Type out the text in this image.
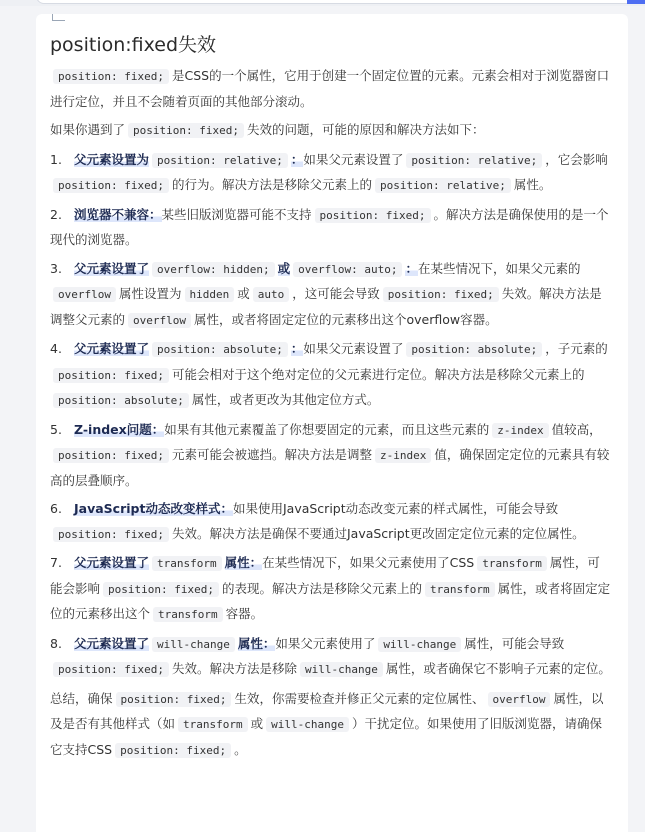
position:fixed失效

position: fixed; 是CSS的一个属性，它用于创建一个固定位置的元素。元素会相对于浏览器窗口进行定位，并且不会随着页面的其他部分滚动。

如果你遇到了 position: fixed; 失效的问题，可能的原因和解决方法如下：

1. 父元素设置为 position: relative; ：如果父元素设置了 position: relative; ，它会影响position: fixed; 的行为。解决方法是移除父元素上的 position: relative; 属性。
2. 浏览器不兼容：某些旧版浏览器可能不支持 position: fixed; 。解决方法是确保使用的是一个现代的浏览器。
3. 父元素设置了 overflow: hidden; 或 overflow: auto; ：在某些情况下，如果父元素的overflow 属性设置为 hidden 或 auto ，这可能会导致 position: fixed; 失效。解决方法是调整父元素的 overflow 属性，或者将固定定位的元素移出这个overflow容器。
4. 父元素设置了 position: absolute; ：如果父元素设置了 position: absolute; ，子元素的position: fixed; 可能会相对于这个绝对定位的父元素进行定位。解决方法是移除父元素上的position: absolute; 属性，或者更改为其他定位方式。
5. Z-index问题：如果有其他元素覆盖了你想要固定的元素，而且这些元素的 z-index 值较高，position: fixed; 元素可能会被遮挡。解决方法是调整 z-index 值，确保固定定位的元素具有较高的层叠顺序。
6. JavaScript动态改变样式：如果使用JavaScript动态改变元素的样式属性，可能会导致position: fixed; 失效。解决方法是确保不要通过JavaScript更改固定定位元素的定位属性。
7. 父元素设置了 transform 属性：在某些情况下，如果父元素使用了CSS transform 属性，可能会影响 position: fixed; 的表现。解决方法是移除父元素上的 transform 属性，或者将固定定位的元素移出这个 transform 容器。
8. 父元素设置了 will-change 属性：如果父元素使用了 will-change 属性，可能会导致position: fixed; 失效。解决方法是移除 will-change 属性，或者确保它不影响子元素的定位。

总结，确保 position: fixed; 生效，你需要检查并修正父元素的定位属性、 overflow 属性，以及是否有其他样式（如 transform 或 will-change ）干扰定位。如果使用了旧版浏览器，请确保它支持CSS position: fixed; 。
